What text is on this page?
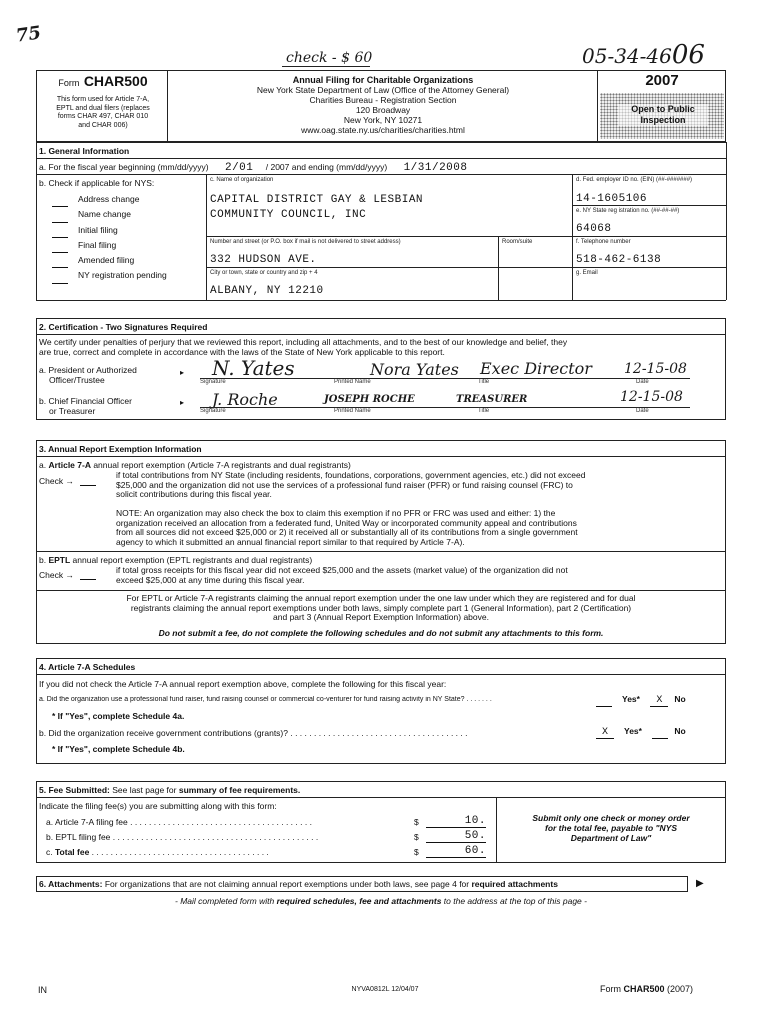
75
check - $ 60	05-34-4606
Form CHAR500
This form used for Article 7-A,
EPTL and dual filers (replaces
forms CHAR 497, CHAR 010
and CHAR 006)
Annual Filing for Charitable Organizations
New York State Department of Law (Office of the Attorney General)
Charities Bureau - Registration Section
120 Broadway
New York, NY 10271
www.oag.state.ny.us/charities/charities.html
2007
Open to Public Inspection
1. General Information
a. For the fiscal year beginning (mm/dd/yyyy) 2/01 / 2007 and ending (mm/dd/yyyy) 1/31/2008
b. Check if applicable for NYS:
Address change
Name change
Initial filing
Final filing
Amended filing
NY registration pending
c. Name of organization
CAPITAL DISTRICT GAY & LESBIAN
COMMUNITY COUNCIL, INC
Number and street (or P.O. box if mail is not delivered to street address)	Room/suite
332 HUDSON AVE.
City or town, state or country and zip + 4
ALBANY, NY 12210
d. Fed. employer ID no. (EIN) (##-#######)
14-1605106
e. NY State reg istration no. (##-##-##)
64068
f. Telephone number
518-462-6138
g. Email
2. Certification - Two Signatures Required
We certify under penalties of perjury that we reviewed this report, including all attachments, and to the best of our knowledge and belief, they
are true, correct and complete in accordance with the laws of the State of New York applicable to this report.
a. President or Authorized
Officer/Trustee
▸ N. Yates	Nora Yates Exec Director 12-15-08
Signature	Printed Name	Title	Date
b. Chief Financial Officer
or Treasurer
▸ J. Roche	JOSEPH ROCHE	TREASURER	12-15-08
Signature	Printed Name	Title	Date
3. Annual Report Exemption Information
a. Article 7-A annual report exemption (Article 7-A registrants and dual registrants)
Check →
if total contributions from NY State (including residents, foundations, corporations, government agencies, etc.) did not exceed
$25,000 and the organization did not use the services of a professional fund raiser (PFR) or fund raising counsel (FRC) to
solicit contributions during this fiscal year.
NOTE: An organization may also check the box to claim this exemption if no PFR or FRC was used and either: 1) the
organization received an allocation from a federated fund, United Way or incorporated community appeal and contributions
from all sources did not exceed $25,000 or 2) it received all or substantially all of its contributions from a single government
agency to which it submitted an annual financial report similar to that required by Article 7-A).
b. EPTL annual report exemption (EPTL registrants and dual registrants)
Check →	if total gross receipts for this fiscal year did not exceed $25,000 and the assets (market value) of the organization did not
exceed $25,000 at any time during this fiscal year.
For EPTL or Article 7-A registrants claiming the annual report exemption under the one law under which they are registered and for dual
registrants claiming the annual report exemptions under both laws, simply complete part 1 (General Information), part 2 (Certification)
and part 3 (Annual Report Exemption Information) above.
Do not submit a fee, do not complete the following schedules and do not submit any attachments to this form.
4. Article 7-A Schedules
If you did not check the Article 7-A annual report exemption above, complete the following for this fiscal year:
a. Did the organization use a professional fund raiser, fund raising counsel or commercial co-venturer for fund raising activity in NY State? . . . . . . .	Yes* X No
* If "Yes", complete Schedule 4a.
b. Did the organization receive government contributions (grants)? . . . . . . . . . . . . . . . . . . . . . . . . . . . . . . . . . . . . . .	X Yes*	No
* If "Yes", complete Schedule 4b.
5. Fee Submitted: See last page for summary of fee requirements.
Indicate the filing fee(s) you are submitting along with this form:
a. Article 7-A filing fee . . . . . . . . . . . . . . . . . . . . . . . . . . . . . . . . . . . . . . .	$	10.
b. EPTL filing fee . . . . . . . . . . . . . . . . . . . . . . . . . . . . . . . . . . . . . . . . . . . .	$	50.
c. Total fee . . . . . . . . . . . . . . . . . . . . . . . . . . . . . . . . . . . . . .	$	60.
Submit only one check or money order
for the total fee, payable to "NYS
Department of Law"
6. Attachments: For organizations that are not claiming annual report exemptions under both laws, see page 4 for required attachments	▶
- Mail completed form with required schedules, fee and attachments to the address at the top of this page -
IN	NYVA0812L 12/04/07	Form CHAR500 (2007)
